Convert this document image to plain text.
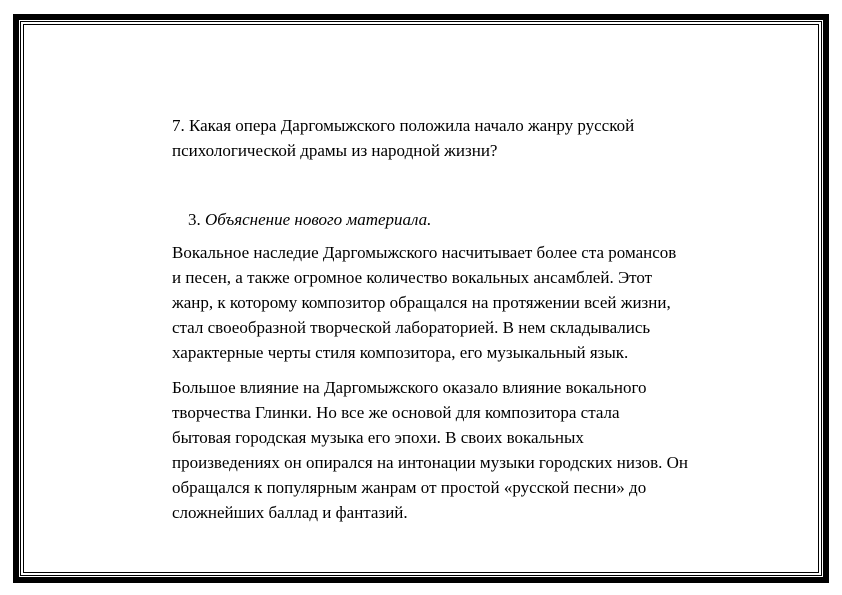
7. Какая опера Даргомыжского положила начало жанру русской
психологической драмы из народной жизни?

3. Объяснение нового материала.

Вокальное наследие Даргомыжского насчитывает более ста романсов
и песен, а также огромное количество вокальных ансамблей. Этот
жанр, к которому композитор обращался на протяжении всей жизни,
стал своеобразной творческой лабораторией. В нем складывались
характерные черты стиля композитора, его музыкальный язык.

Большое влияние на Даргомыжского оказало влияние вокального
творчества Глинки. Но все же основой для композитора стала
бытовая городская музыка его эпохи. В своих вокальных
произведениях он опирался на интонации музыки городских низов. Он
обращался к популярным жанрам от простой «русской песни» до
сложнейших баллад и фантазий.
